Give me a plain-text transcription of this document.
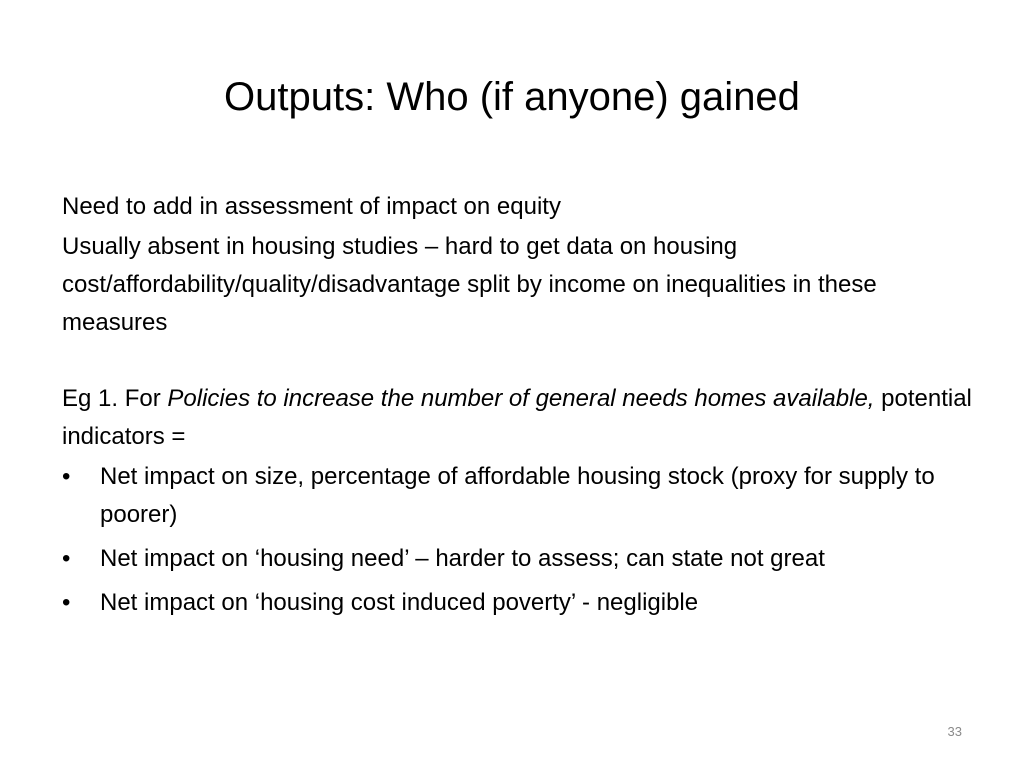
Outputs: Who (if anyone) gained

Need to add in assessment of impact on equity

Usually absent in housing studies – hard to get data on housing cost/affordability/quality/disadvantage split by income on inequalities in these measures

Eg 1. For Policies to increase the number of general needs homes available, potential indicators =

•	Net impact on size, percentage of affordable housing stock (proxy for supply to poorer)
•	Net impact on ‘housing need’ – harder to assess; can state not great
•	Net impact on ‘housing cost induced poverty’ - negligible
33
